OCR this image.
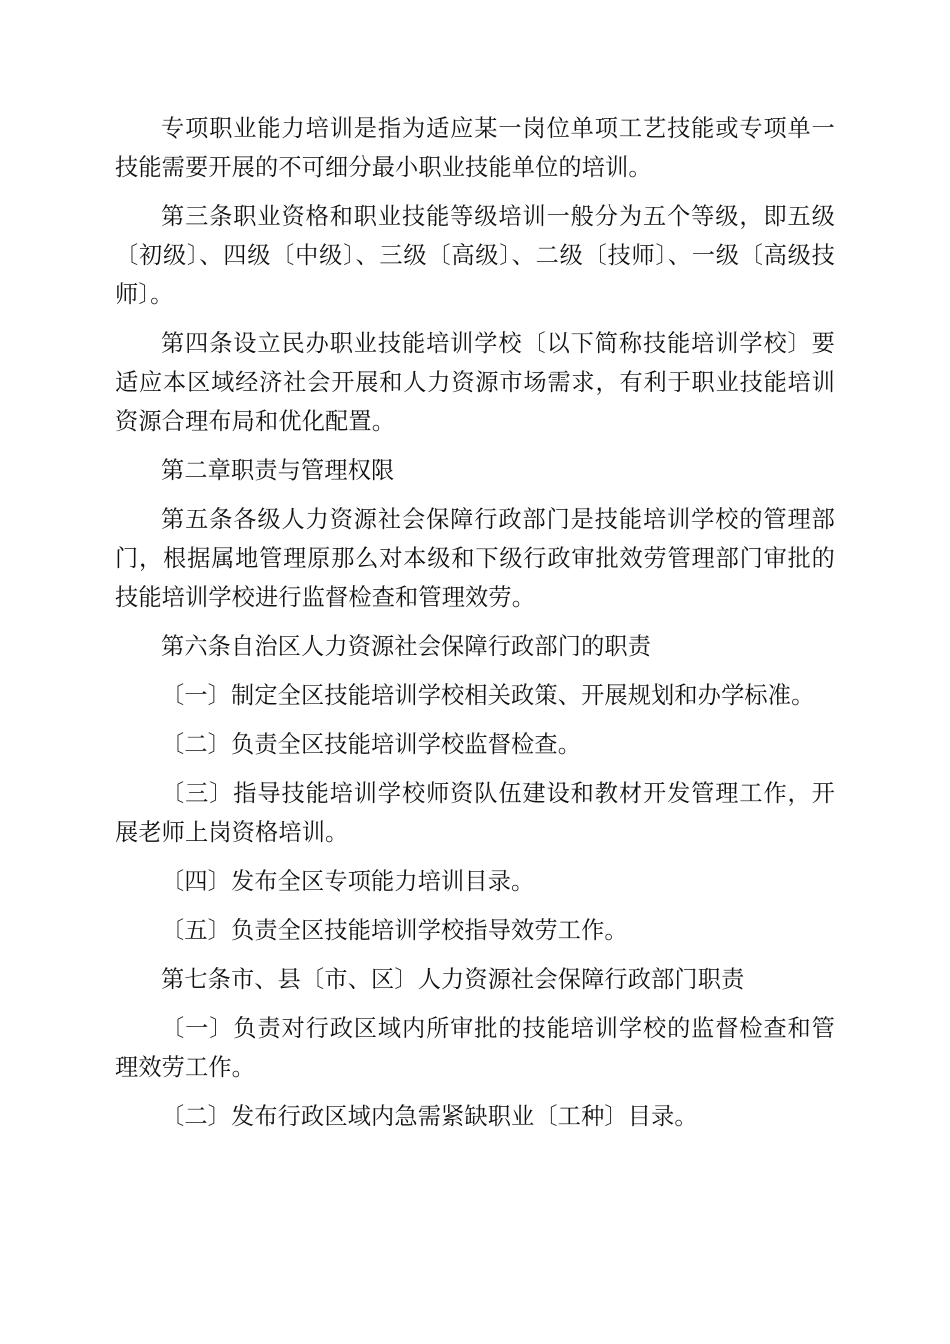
专项职业能力培训是指为适应某一岗位单项工艺技能或专项单一技能需要开展的不可细分最小职业技能单位的培训。

第三条职业资格和职业技能等级培训一般分为五个等级，即五级〔初级〕、四级〔中级〕、三级〔高级〕、二级〔技师〕、一级〔高级技师〕。

第四条设立民办职业技能培训学校〔以下简称技能培训学校〕要适应本区域经济社会开展和人力资源市场需求，有利于职业技能培训资源合理布局和优化配置。

第二章职责与管理权限

第五条各级人力资源社会保障行政部门是技能培训学校的管理部门，根据属地管理原那么对本级和下级行政审批效劳管理部门审批的技能培训学校进行监督检查和管理效劳。

第六条自治区人力资源社会保障行政部门的职责

〔一〕制定全区技能培训学校相关政策、开展规划和办学标准。

〔二〕负责全区技能培训学校监督检查。

〔三〕指导技能培训学校师资队伍建设和教材开发管理工作，开展老师上岗资格培训。

〔四〕发布全区专项能力培训目录。

〔五〕负责全区技能培训学校指导效劳工作。

第七条市、县〔市、区〕人力资源社会保障行政部门职责

〔一〕负责对行政区域内所审批的技能培训学校的监督检查和管理效劳工作。

〔二〕发布行政区域内急需紧缺职业〔工种〕目录。
